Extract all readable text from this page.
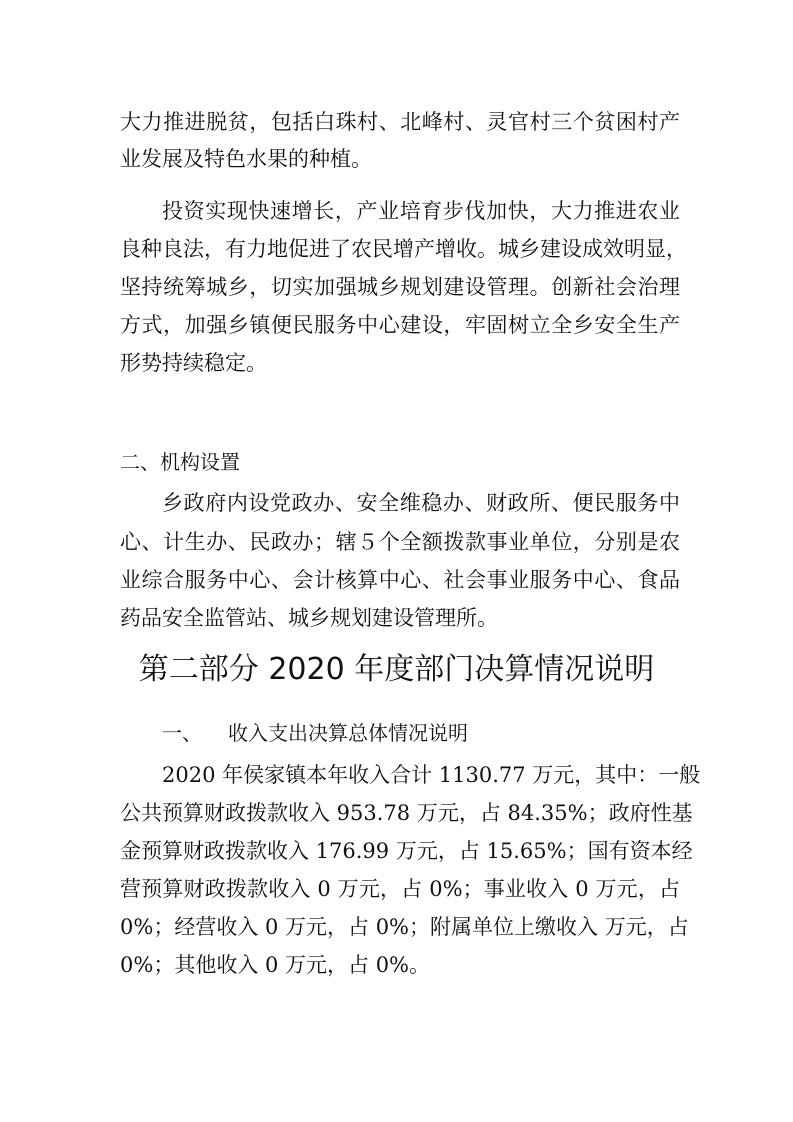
大力推进脱贫，包括白珠村、北峰村、灵官村三个贫困村产
业发展及特色水果的种植。
投资实现快速增长，产业培育步伐加快，大力推进农业
良种良法，有力地促进了农民增产增收。城乡建设成效明显，
坚持统筹城乡，切实加强城乡规划建设管理。创新社会治理
方式，加强乡镇便民服务中心建设，牢固树立全乡安全生产
形势持续稳定。
二、机构设置
乡政府内设党政办、安全维稳办、财政所、便民服务中
心、计生办、民政办；辖５个全额拨款事业单位，分别是农
业综合服务中心、会计核算中心、社会事业服务中心、食品
药品安全监管站、城乡规划建设管理所。
第二部分 2020 年度部门决算情况说明
一、 收入支出决算总体情况说明
2020 年侯家镇本年收入合计 1130.77 万元，其中：一般
公共预算财政拨款收入 953.78 万元，占 84.35%；政府性基
金预算财政拨款收入 176.99 万元，占 15.65%；国有资本经
营预算财政拨款收入 0 万元，占 0%；事业收入 0 万元，占
0%；经营收入 0 万元，占 0%；附属单位上缴收入 万元，占
0%；其他收入 0 万元，占 0%。
